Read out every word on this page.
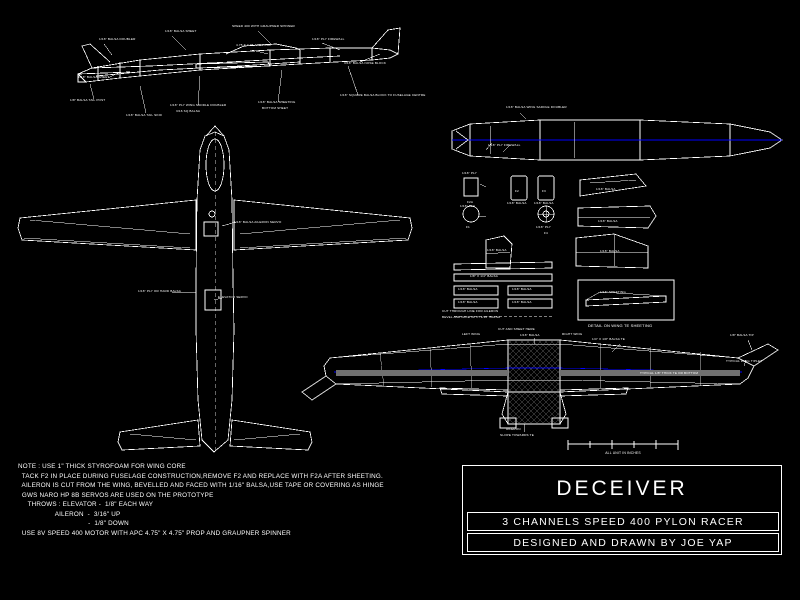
1/16" BALSA DOUBLER
1/16" BALSA SHEET
SPEED 400 WITH GRAUPNER SPINNER
4.75 X 4.75 APC PROP
1/16" PLY FIREWALL
3/16" BALSA NOSE BLOCK
1/16" BALSA SHEET
1/8" BALSA TAIL POST
1/16" BALSA TAIL SKID
1/16" PLY WING SADDLE DOUBLER
3/16 SQ BALSA
1/16" BALSA SHEETING
BOTTOM SHEET
1/16" SQUARE BALSA BLOCK TO FUSELAGE CENTRE
1/16" BALSA AILERON SERVO
1/16" PLY OR HARD BALSA
ELEVATOR SERVO
1/16" BALSA WING SADDLE DOUBLER
1/16" PLY FIREWALL
1/16" PLY
F2A
1/16" PLY
F1
1/16" BALSA
F2
1/16" BALSA
F3
1/16" PLY
F4
1/16" BALSA
1/16" BALSA
1/16" BALSA
1/16" BALSA
1/8" X 1/4" BALSA
1/16" BALSA	1/16" BALSA
1/16" BALSA	1/16" BALSA
CUT THROUGH LINE FOR AILERON
BEVEL AND FACE WITH 1/16" BALSA
1/16" SHEETING
DETAIL ON WING TE SHEETING
LEFT WING
CUT AND SHEET HERE
RIGHT WING
1/16" BALSA
1/4" X 1/8" BALSA TE
TYPICAL 1/8" THICK TE OR BOTTOM
1/8" BALSA TIP
TYPICAL WING TIPLET
AILERON
SLOPE TOWARDS TE
NOTE : USE 1" THICK STYROFOAM FOR WING CORE
TACK F2 IN PLACE DURING FUSELAGE CONSTRUCTION,REMOVE F2 AND REPLACE WITH F2A AFTER SHEETING.
AILERON IS CUT FROM THE WING, BEVELLED AND FACED WITH 1/16" BALSA,USE TAPE OR COVERING AS HINGE
GWS NARO HP 8B SERVOS ARE USED ON THE PROTOTYPE
THROWS : ELEVATOR -  1/8" EACH WAY
AILERON  -  3/16" UP
-  1/8" DOWN
USE 8V SPEED 400 MOTOR WITH APC 4.75" X 4.75" PROP AND GRAUPNER SPINNER
ALL UNIT IN INCHES
DECEIVER
3 CHANNELS SPEED 400 PYLON RACER
DESIGNED AND DRAWN BY JOE YAP
